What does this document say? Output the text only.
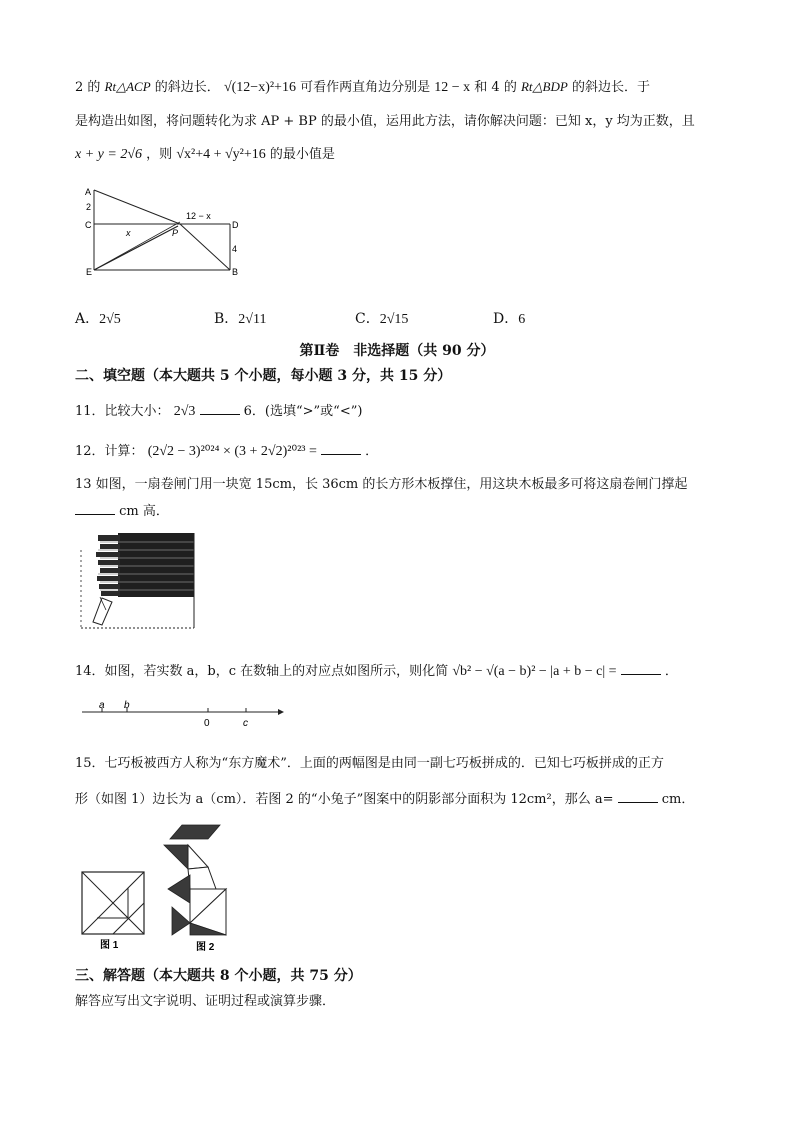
2 的 Rt△ACP 的斜边长． √(12−x)²+16 可看作两直角边分别是 12 − x 和 4 的 Rt△BDP 的斜边长．于
是构造出如图，将问题转化为求 AP + BP 的最小值，运用此方法，请你解决问题：已知 x，y 均为正数，且
x + y = 2√6 ，则 √x²+4 + √y²+16 的最小值是
A
2
C
x	P
12 − x
D
4
E	B
A．2√5	B．2√11	C．2√15	D．6
第Ⅱ卷　非选择题（共 90 分）
二、填空题（本大题共 5 个小题，每小题 3 分，共 15 分）
11．比较大小： 2√3	6．(选填“>”或“<”)
12．计算： (2√2 − 3)²⁰²⁴ × (3 + 2√2)²⁰²³ =	．
13 如图，一扇卷闸门用一块宽 15cm，长 36cm 的长方形木板撑住，用这块木板最多可将这扇卷闸门撑起
cm 高．
14．如图，若实数 a，b，c 在数轴上的对应点如图所示，则化简 √b² − √(a − b)² − |a + b − c| =	．
a b
0	c
15．七巧板被西方人称为“东方魔术”．上面的两幅图是由同一副七巧板拼成的．已知七巧板拼成的正方
形（如图 1）边长为 a（cm）．若图 2 的“小兔子”图案中的阴影部分面积为 12cm²，那么 a=	cm．
图 1	图 2
三、解答题（本大题共 8 个小题，共 75 分）
解答应写出文字说明、证明过程或演算步骤．
